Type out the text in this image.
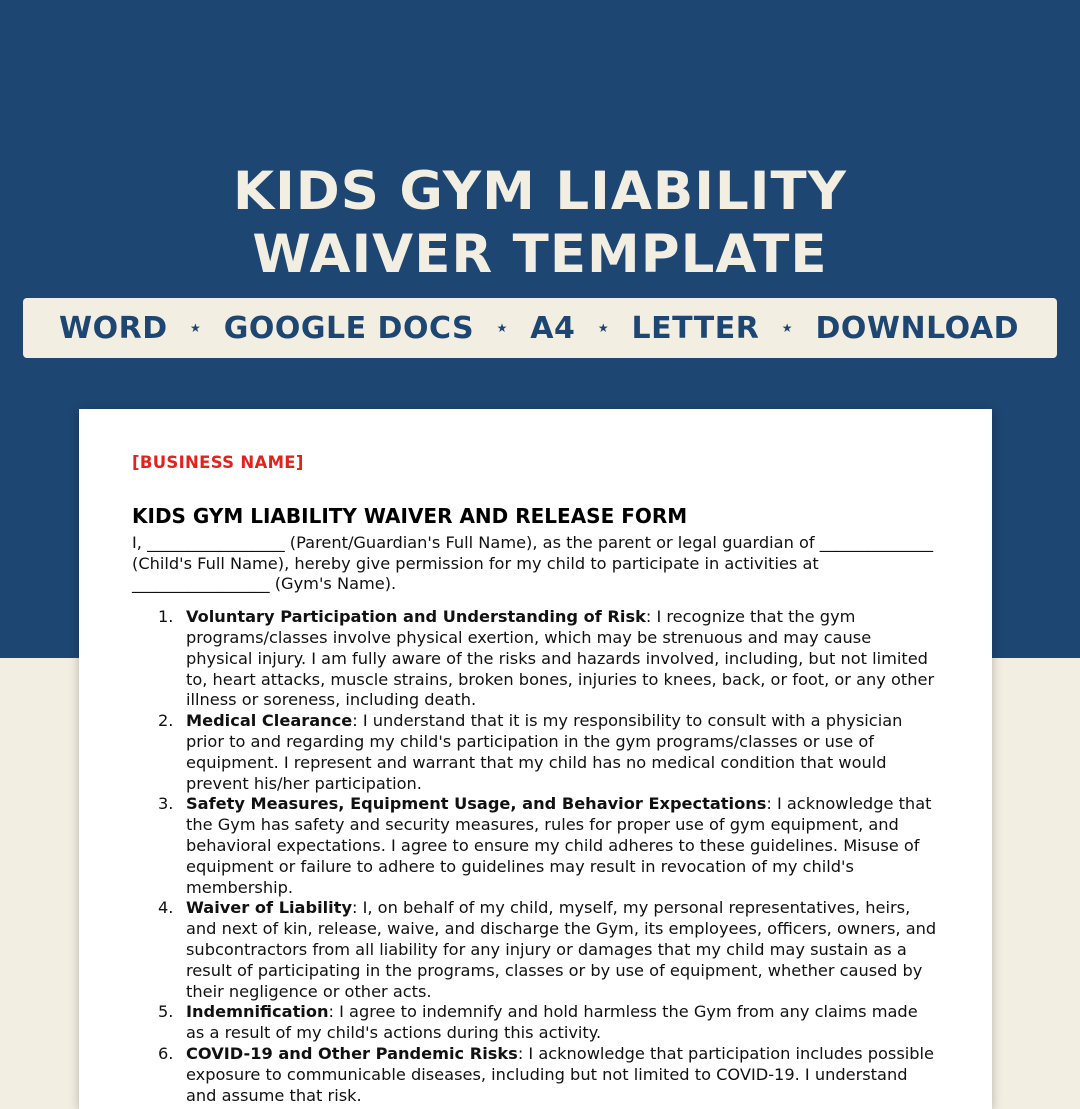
KIDS GYM LIABILITY
WAIVER TEMPLATE
WORD ★ GOOGLE DOCS ★ A4 ★ LETTER ★ DOWNLOAD
[BUSINESS NAME]
KIDS GYM LIABILITY WAIVER AND RELEASE FORM

I, _________________ (Parent/Guardian's Full Name), as the parent or legal guardian of ______________ (Child's Full Name), hereby give permission for my child to participate in activities at _________________ (Gym's Name).

1. Voluntary Participation and Understanding of Risk: I recognize that the gym programs/classes involve physical exertion, which may be strenuous and may cause physical injury. I am fully aware of the risks and hazards involved, including, but not limited to, heart attacks, muscle strains, broken bones, injuries to knees, back, or foot, or any other illness or soreness, including death.
2. Medical Clearance: I understand that it is my responsibility to consult with a physician prior to and regarding my child's participation in the gym programs/classes or use of equipment. I represent and warrant that my child has no medical condition that would prevent his/her participation.
3. Safety Measures, Equipment Usage, and Behavior Expectations: I acknowledge that the Gym has safety and security measures, rules for proper use of gym equipment, and behavioral expectations. I agree to ensure my child adheres to these guidelines. Misuse of equipment or failure to adhere to guidelines may result in revocation of my child's membership.
4. Waiver of Liability: I, on behalf of my child, myself, my personal representatives, heirs, and next of kin, release, waive, and discharge the Gym, its employees, officers, owners, and subcontractors from all liability for any injury or damages that my child may sustain as a result of participating in the programs, classes or by use of equipment, whether caused by their negligence or other acts.
5. Indemnification: I agree to indemnify and hold harmless the Gym from any claims made as a result of my child's actions during this activity.
6. COVID-19 and Other Pandemic Risks: I acknowledge that participation includes possible exposure to communicable diseases, including but not limited to COVID-19. I understand and assume that risk.
